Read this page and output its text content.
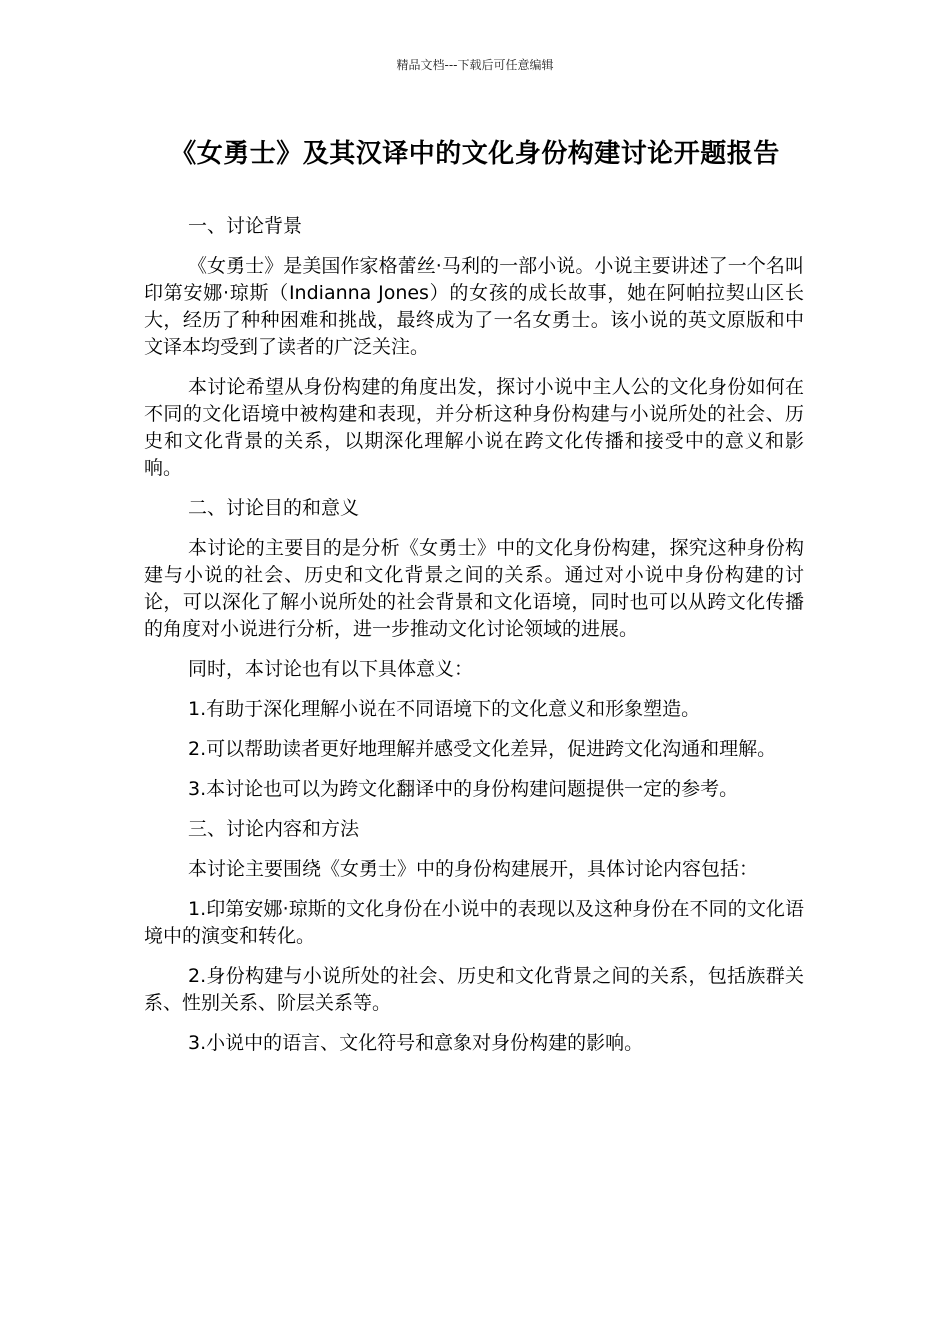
精品文档---下载后可任意编辑
《女勇士》及其汉译中的文化身份构建讨论开题报告

一、讨论背景

《女勇士》是美国作家格蕾丝·马利的一部小说。小说主要讲述了一个名叫印第安娜·琼斯（Indianna Jones）的女孩的成长故事，她在阿帕拉契山区长大，经历了种种困难和挑战，最终成为了一名女勇士。该小说的英文原版和中文译本均受到了读者的广泛关注。

本讨论希望从身份构建的角度出发，探讨小说中主人公的文化身份如何在不同的文化语境中被构建和表现，并分析这种身份构建与小说所处的社会、历史和文化背景的关系，以期深化理解小说在跨文化传播和接受中的意义和影响。

二、讨论目的和意义

本讨论的主要目的是分析《女勇士》中的文化身份构建，探究这种身份构建与小说的社会、历史和文化背景之间的关系。通过对小说中身份构建的讨论，可以深化了解小说所处的社会背景和文化语境，同时也可以从跨文化传播的角度对小说进行分析，进一步推动文化讨论领域的进展。

同时，本讨论也有以下具体意义：

1.有助于深化理解小说在不同语境下的文化意义和形象塑造。

2.可以帮助读者更好地理解并感受文化差异，促进跨文化沟通和理解。

3.本讨论也可以为跨文化翻译中的身份构建问题提供一定的参考。

三、讨论内容和方法

本讨论主要围绕《女勇士》中的身份构建展开，具体讨论内容包括：

1.印第安娜·琼斯的文化身份在小说中的表现以及这种身份在不同的文化语境中的演变和转化。

2.身份构建与小说所处的社会、历史和文化背景之间的关系，包括族群关系、性别关系、阶层关系等。

3.小说中的语言、文化符号和意象对身份构建的影响。
